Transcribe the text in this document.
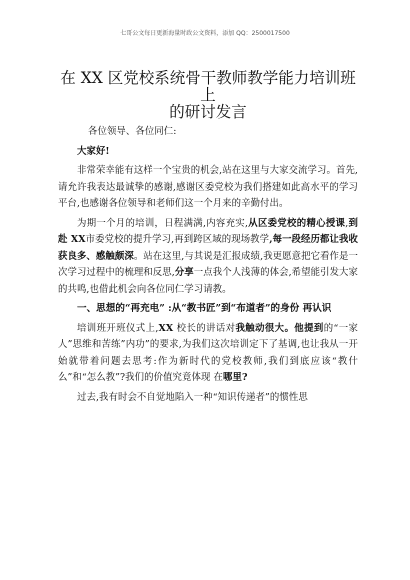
七哥公文每日更新海量时政公文资料，添加 QQ：2500017500
在 XX 区党校系统骨干教师教学能力培训班上
的研讨发言

各位领导、各位同仁:

大家好!

非常荣幸能有这样一个宝贵的机会,站在这里与大家交流学习。首先,请允许我表达最诚挚的感谢,感谢区委党校为我们搭建如此高水平的学习平台,也感谢各位领导和老师们这一个月来的辛勤付出。

为期一个月的培训，日程满满,内容充实,从区委党校的精心授课,到赴 XX市委党校的提升学习,再到跨区域的现场教学,每一段经历都让我收获良多、感触颇深。站在这里,与其说是汇报成绩,我更愿意把它看作是一次学习过程中的梳理和反思,分享一点我个人浅薄的体会,希望能引发大家的共鸣,也借此机会向各位同仁学习请教。

一、思想的“再充电” :从“教书匠”到“布道者”的身份 再认识

培训班开班仪式上,XX 校长的讲话对我触动很大。他提到的“一家人”思维和苦练”内功”的要求,为我们这次培训定下了基调,也让我从一开始就带着问题去思考:作为新时代的党校教师,我们到底应该“教什么”和“怎么教”?我们的价值究竟体现 在哪里?

过去,我有时会不自觉地陷入一种“知识传递者”的惯性思
